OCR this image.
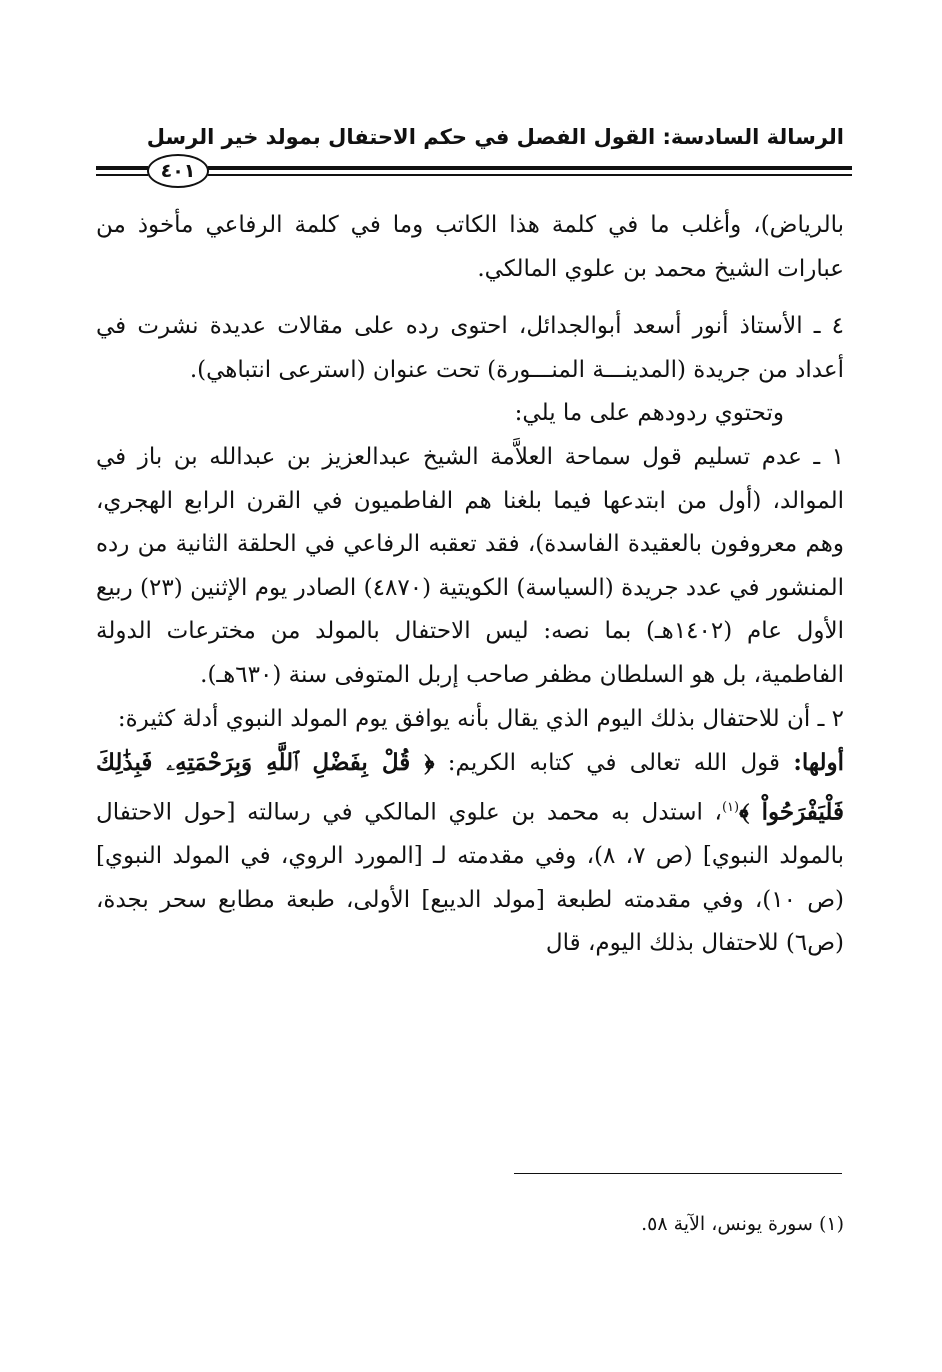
الرسالة السادسة: القول الفصل في حكم الاحتفال بمولد خير الرسل
٤٠١

بالرياض)، وأغلب ما في كلمة هذا الكاتب وما في كلمة الرفاعي مأخوذ من عبارات الشيخ محمد بن علوي المالكي.

٤ ـ الأستاذ أنور أسعد أبوالجدائل، احتوى رده على مقالات عديدة نشرت في أعداد من جريدة (المدينـــة المنـــورة) تحت عنوان (استرعى انتباهي).

وتحتوي ردودهم على ما يلي:

١ ـ عدم تسليم قول سماحة العلاَّمة الشيخ عبدالعزيز بن عبدالله بن باز في الموالد، (أول من ابتدعها فيما بلغنا هم الفاطميون في القرن الرابع الهجري، وهم معروفون بالعقيدة الفاسدة)، فقد تعقبه الرفاعي في الحلقة الثانية من رده المنشور في عدد جريدة (السياسة) الكويتية (٤٨٧٠) الصادر يوم الإثنين (٢٣) ربيع الأول عام (١٤٠٢هـ) بما نصه: ليس الاحتفال بالمولد من مخترعات الدولة الفاطمية، بل هو السلطان مظفر صاحب إربل المتوفى سنة (٦٣٠هـ).

٢ ـ أن للاحتفال بذلك اليوم الذي يقال بأنه يوافق يوم المولد النبوي أدلة كثيرة:

أولها: قول الله تعالى في كتابه الكريم: ﴿ قُلْ بِفَضْلِ ٱللَّهِ وَبِرَحْمَتِهِۦ فَبِذَٰلِكَ فَلْيَفْرَحُواْ ﴾$^{(١)}$، استدل به محمد بن علوي المالكي في رسالته [حول الاحتفال بالمولد النبوي] (ص ٧، ٨)، وفي مقدمته لـ [المورد الروي، في المولد النبوي] (ص ١٠)، وفي مقدمته لطبعة [مولد الديبع] الأولى، طبعة مطابع سحر بجدة، (ص٦) للاحتفال بذلك اليوم، قال

(١) سورة يونس، الآية ٥٨.
